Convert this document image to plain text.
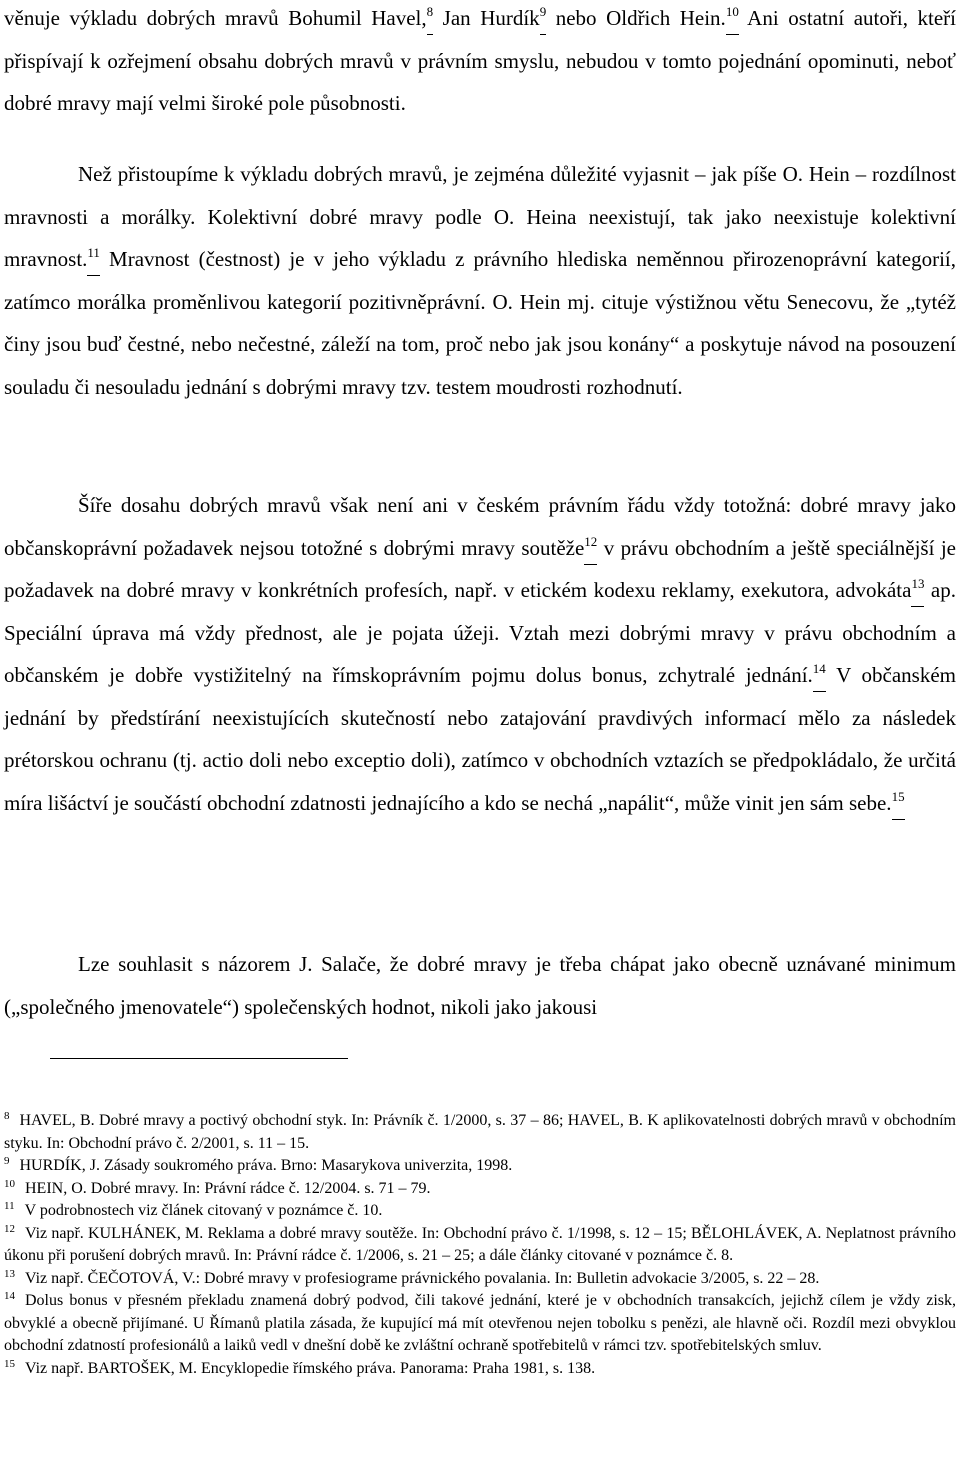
věnuje výkladu dobrých mravů Bohumil Havel,$^8$ Jan Hurdík$^9$ nebo Oldřich Hein.$^{10}$ Ani ostatní autoři, kteří přispívají k ozřejmení obsahu dobrých mravů v právním smyslu, nebudou v tomto pojednání opominuti, neboť dobré mravy mají velmi široké pole působnosti.

Než přistoupíme k výkladu dobrých mravů, je zejména důležité vyjasnit – jak píše O. Hein – rozdílnost mravnosti a morálky. Kolektivní dobré mravy podle O. Heina neexistují, tak jako neexistuje kolektivní mravnost.$^{11}$ Mravnost (čestnost) je v jeho výkladu z právního hlediska neměnnou přirozenoprávní kategorií, zatímco morálka proměnlivou kategorií pozitivněprávní. O. Hein mj. cituje výstižnou větu Senecovu, že „tytéž činy jsou buď čestné, nebo nečestné, záleží na tom, proč nebo jak jsou konány“ a poskytuje návod na posouzení souladu či nesouladu jednání s dobrými mravy tzv. testem moudrosti rozhodnutí.

Šíře dosahu dobrých mravů však není ani v českém právním řádu vždy totožná: dobré mravy jako občanskoprávní požadavek nejsou totožné s dobrými mravy soutěže$^{12}$ v právu obchodním a ještě speciálnější je požadavek na dobré mravy v konkrétních profesích, např. v etickém kodexu reklamy, exekutora, advokáta$^{13}$ ap. Speciální úprava má vždy přednost, ale je pojata úžeji. Vztah mezi dobrými mravy v právu obchodním a občanském je dobře vystižitelný na římskoprávním pojmu dolus bonus, zchytralé jednání.$^{14}$ V občanském jednání by předstírání neexistujících skutečností nebo zatajování pravdivých informací mělo za následek prétorskou ochranu (tj. actio doli nebo exceptio doli), zatímco v obchodních vztazích se předpokládalo, že určitá míra lišáctví je součástí obchodní zdatnosti jednajícího a kdo se nechá „napálit“, může vinit jen sám sebe.$^{15}$

Lze souhlasit s názorem J. Salače, že dobré mravy je třeba chápat jako obecně uznávané minimum („společného jmenovatele“) společenských hodnot, nikoli jako jakousi

$^8$ HAVEL, B. Dobré mravy a poctivý obchodní styk. In: Právník č. 1/2000, s. 37 – 86; HAVEL, B. K aplikovatelnosti dobrých mravů v obchodním styku. In: Obchodní právo č. 2/2001, s. 11 – 15.

$^9$ HURDÍK, J. Zásady soukromého práva. Brno: Masarykova univerzita, 1998.

$^{10}$ HEIN, O. Dobré mravy. In: Právní rádce č. 12/2004. s. 71 – 79.

$^{11}$ V podrobnostech viz článek citovaný v poznámce č. 10.

$^{12}$ Viz např. KULHÁNEK, M. Reklama a dobré mravy soutěže. In: Obchodní právo č. 1/1998, s. 12 – 15; BĚLOHLÁVEK, A. Neplatnost právního úkonu při porušení dobrých mravů. In: Právní rádce č. 1/2006, s. 21 – 25; a dále články citované v poznámce č. 8.

$^{13}$ Viz např. ČEČOTOVÁ, V.: Dobré mravy v profesiograme právnického povalania. In: Bulletin advokacie 3/2005, s. 22 – 28.

$^{14}$ Dolus bonus v přesném překladu znamená dobrý podvod, čili takové jednání, které je v obchodních transakcích, jejichž cílem je vždy zisk, obvyklé a obecně přijímané. U Římanů platila zásada, že kupující má mít otevřenou nejen tobolku s penězi, ale hlavně oči. Rozdíl mezi obvyklou obchodní zdatností profesionálů a laiků vedl v dnešní době ke zvláštní ochraně spotřebitelů v rámci tzv. spotřebitelských smluv.

$^{15}$ Viz např. BARTOŠEK, M. Encyklopedie římského práva. Panorama: Praha 1981, s. 138.
